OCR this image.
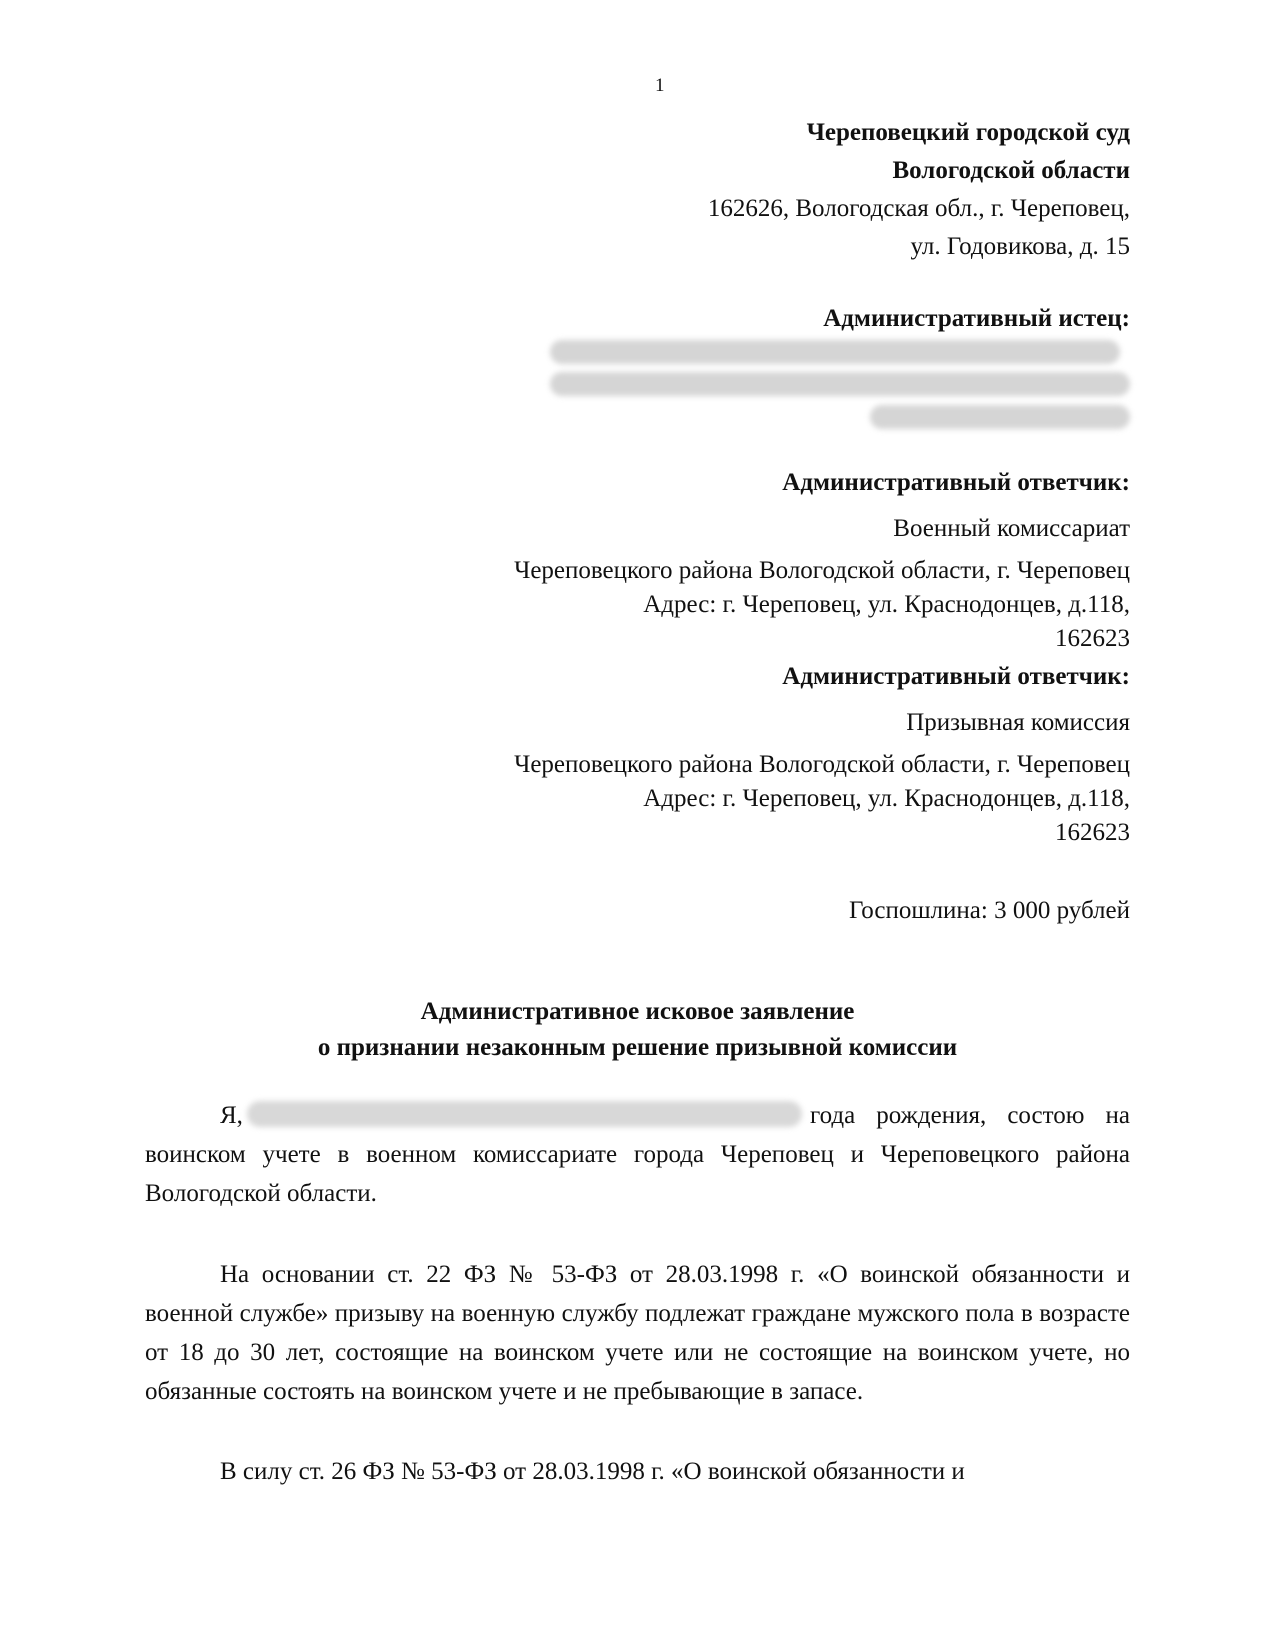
1
Череповецкий городской суд
Вологодской области
162626, Вологодская обл., г. Череповец,
ул. Годовикова, д. 15
Административный истец:
Административный ответчик:
Военный комиссариат
Череповецкого района Вологодской области, г. Череповец
Адрес: г. Череповец, ул. Краснодонцев, д.118,
162623
Административный ответчик:
Призывная комиссия
Череповецкого района Вологодской области, г. Череповец
Адрес: г. Череповец, ул. Краснодонцев, д.118,
162623
Госпошлина: 3 000 рублей
Административное исковое заявление
о признании незаконным решение призывной комиссии
Я,	года рождения, состою на воинском учете в военном комиссариате города Череповец и Череповецкого района Вологодской области.
На основании ст. 22 ФЗ № 53-ФЗ от 28.03.1998 г. «О воинской обязанности и военной службе» призыву на военную службу подлежат граждане мужского пола в возрасте от 18 до 30 лет, состоящие на воинском учете или не состоящие на воинском учете, но обязанные состоять на воинском учете и не пребывающие в запасе.
В силу ст. 26 ФЗ № 53-ФЗ от 28.03.1998 г. «О воинской обязанности и
